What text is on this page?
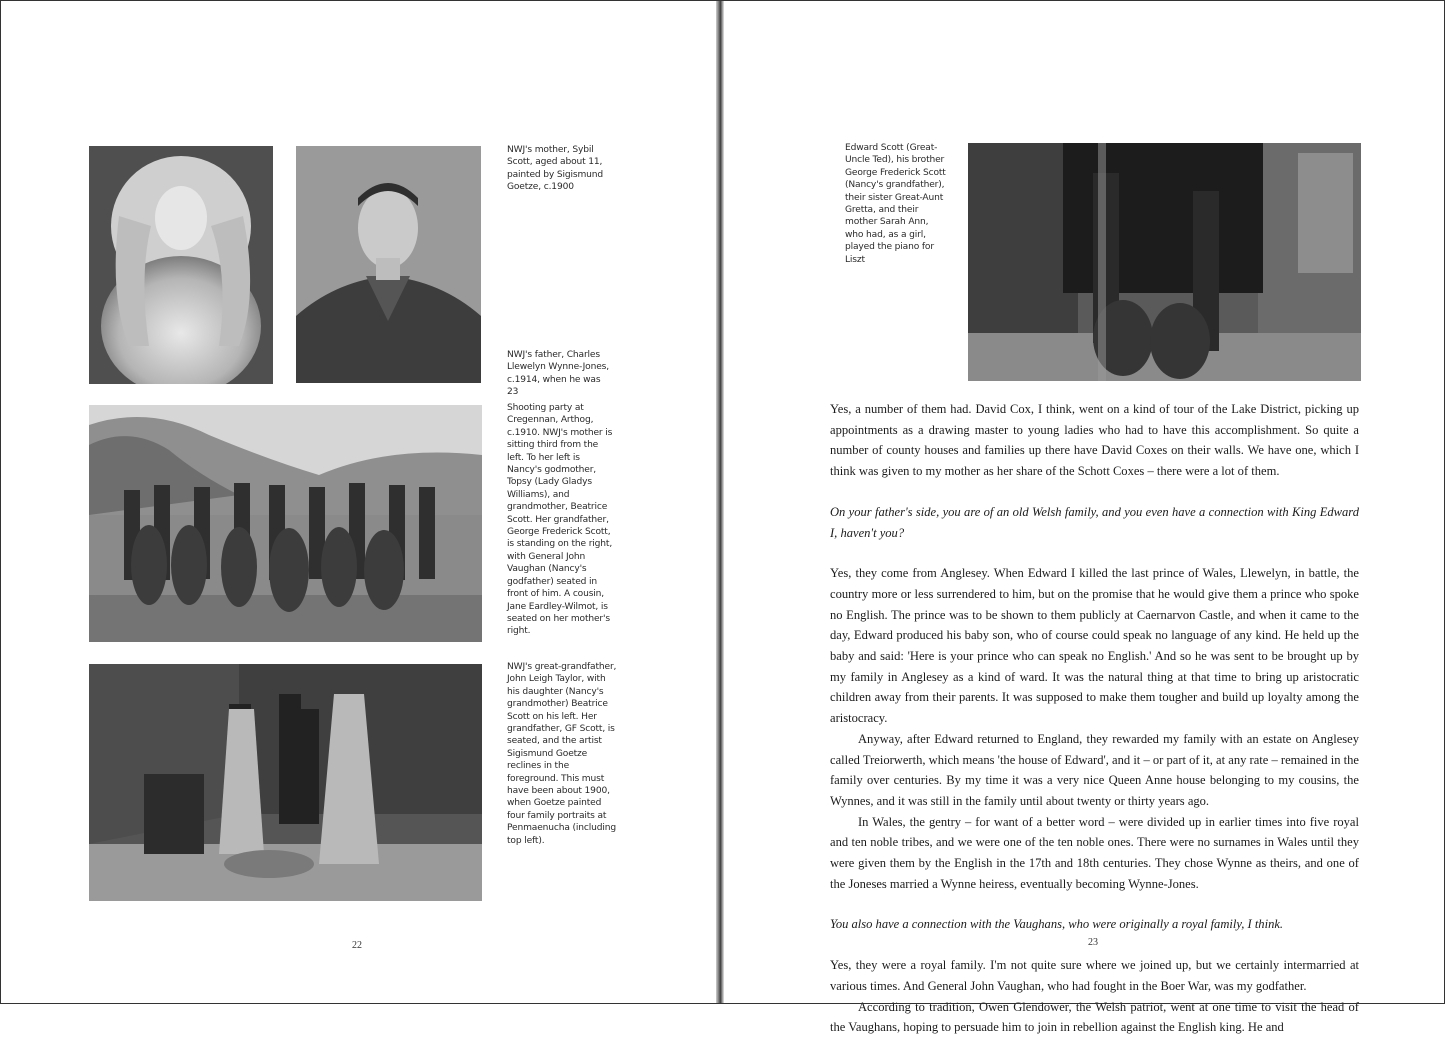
NWJ's mother, Sybil Scott, aged about 11, painted by Sigismund Goetze, c.1900
NWJ's father, Charles Llewelyn Wynne-Jones, c.1914, when he was 23
Shooting party at Cregennan, Arthog, c.1910. NWJ's mother is sitting third from the left. To her left is Nancy's godmother, Topsy (Lady Gladys Williams), and grandmother, Beatrice Scott. Her grandfather, George Frederick Scott, is standing on the right, with General John Vaughan (Nancy's godfather) seated in front of him. A cousin, Jane Eardley-Wilmot, is seated on her mother's right.
NWJ's great-grandfather, John Leigh Taylor, with his daughter (Nancy's grandmother) Beatrice Scott on his left. Her grandfather, GF Scott, is seated, and the artist Sigismund Goetze reclines in the foreground. This must have been about 1900, when Goetze painted four family portraits at Penmaenucha (including top left).
22
Edward Scott (Great-Uncle Ted), his brother George Frederick Scott (Nancy's grandfather), their sister Great-Aunt Gretta, and their mother Sarah Ann, who had, as a girl, played the piano for Liszt
23

Yes, a number of them had. David Cox, I think, went on a kind of tour of the Lake District, picking up appointments as a drawing master to young ladies who had to have this accomplishment. So quite a number of county houses and families up there have David Coxes on their walls. We have one, which I think was given to my mother as her share of the Schott Coxes – there were a lot of them.

On your father's side, you are of an old Welsh family, and you even have a connection with King Edward I, haven't you?

Yes, they come from Anglesey. When Edward I killed the last prince of Wales, Llewelyn, in battle, the country more or less surrendered to him, but on the promise that he would give them a prince who spoke no English. The prince was to be shown to them publicly at Caernarvon Castle, and when it came to the day, Edward produced his baby son, who of course could speak no language of any kind. He held up the baby and said: 'Here is your prince who can speak no English.' And so he was sent to be brought up by my family in Anglesey as a kind of ward. It was the natural thing at that time to bring up aristocratic children away from their parents. It was supposed to make them tougher and build up loyalty among the aristocracy.

Anyway, after Edward returned to England, they rewarded my family with an estate on Anglesey called Treiorwerth, which means 'the house of Edward', and it – or part of it, at any rate – remained in the family over centuries. By my time it was a very nice Queen Anne house belonging to my cousins, the Wynnes, and it was still in the family until about twenty or thirty years ago.

In Wales, the gentry – for want of a better word – were divided up in earlier times into five royal and ten noble tribes, and we were one of the ten noble ones. There were no surnames in Wales until they were given them by the English in the 17th and 18th centuries. They chose Wynne as theirs, and one of the Joneses married a Wynne heiress, eventually becoming Wynne-Jones.

You also have a connection with the Vaughans, who were originally a royal family, I think.

Yes, they were a royal family. I'm not quite sure where we joined up, but we certainly intermarried at various times. And General John Vaughan, who had fought in the Boer War, was my godfather.

According to tradition, Owen Glendower, the Welsh patriot, went at one time to visit the head of the Vaughans, hoping to persuade him to join in rebellion against the English king. He and
